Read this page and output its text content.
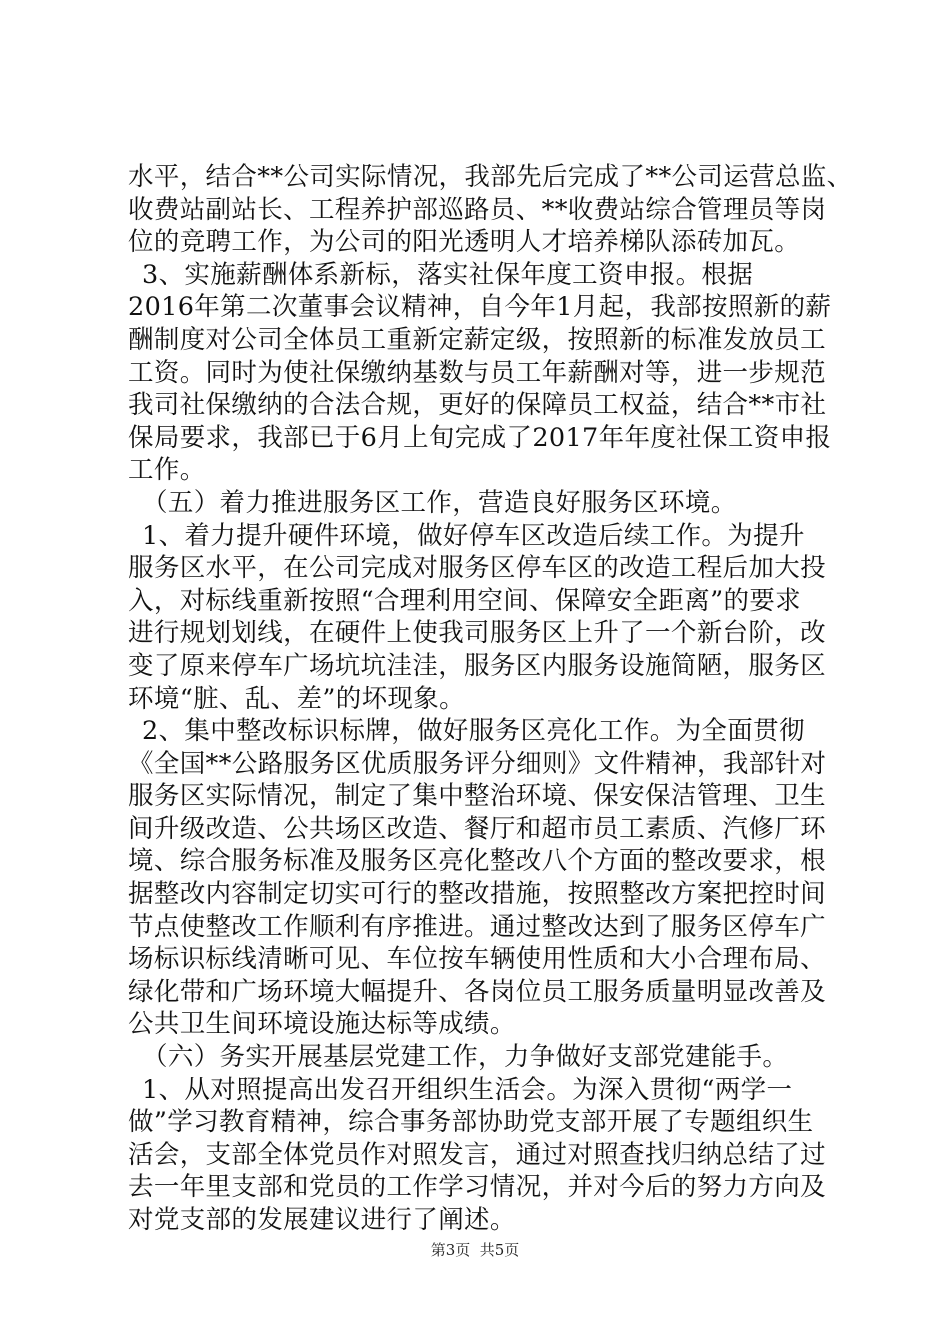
水平，结合**公司实际情况，我部先后完成了**公司运营总监、
收费站副站长、工程养护部巡路员、**收费站综合管理员等岗
位的竞聘工作，为公司的阳光透明人才培养梯队添砖加瓦。
3、实施薪酬体系新标，落实社保年度工资申报。根据
2016年第二次董事会议精神，自今年1月起，我部按照新的薪
酬制度对公司全体员工重新定薪定级，按照新的标准发放员工
工资。同时为使社保缴纳基数与员工年薪酬对等，进一步规范
我司社保缴纳的合法合规，更好的保障员工权益，结合**市社
保局要求，我部已于6月上旬完成了2017年年度社保工资申报
工作。
（五）着力推进服务区工作，营造良好服务区环境。
1、着力提升硬件环境，做好停车区改造后续工作。为提升
服务区水平，在公司完成对服务区停车区的改造工程后加大投
入，对标线重新按照“合理利用空间、保障安全距离”的要求
进行规划划线，在硬件上使我司服务区上升了一个新台阶，改
变了原来停车广场坑坑洼洼，服务区内服务设施简陋，服务区
环境“脏、乱、差”的坏现象。
2、集中整改标识标牌，做好服务区亮化工作。为全面贯彻
《全国**公路服务区优质服务评分细则》文件精神，我部针对
服务区实际情况，制定了集中整治环境、保安保洁管理、卫生
间升级改造、公共场区改造、餐厅和超市员工素质、汽修厂环
境、综合服务标准及服务区亮化整改八个方面的整改要求，根
据整改内容制定切实可行的整改措施，按照整改方案把控时间
节点使整改工作顺利有序推进。通过整改达到了服务区停车广
场标识标线清晰可见、车位按车辆使用性质和大小合理布局、
绿化带和广场环境大幅提升、各岗位员工服务质量明显改善及
公共卫生间环境设施达标等成绩。
（六）务实开展基层党建工作，力争做好支部党建能手。
1、从对照提高出发召开组织生活会。为深入贯彻“两学一
做”学习教育精神，综合事务部协助党支部开展了专题组织生
活会，支部全体党员作对照发言，通过对照查找归纳总结了过
去一年里支部和党员的工作学习情况，并对今后的努力方向及
对党支部的发展建议进行了阐述。
第3页  共5页
